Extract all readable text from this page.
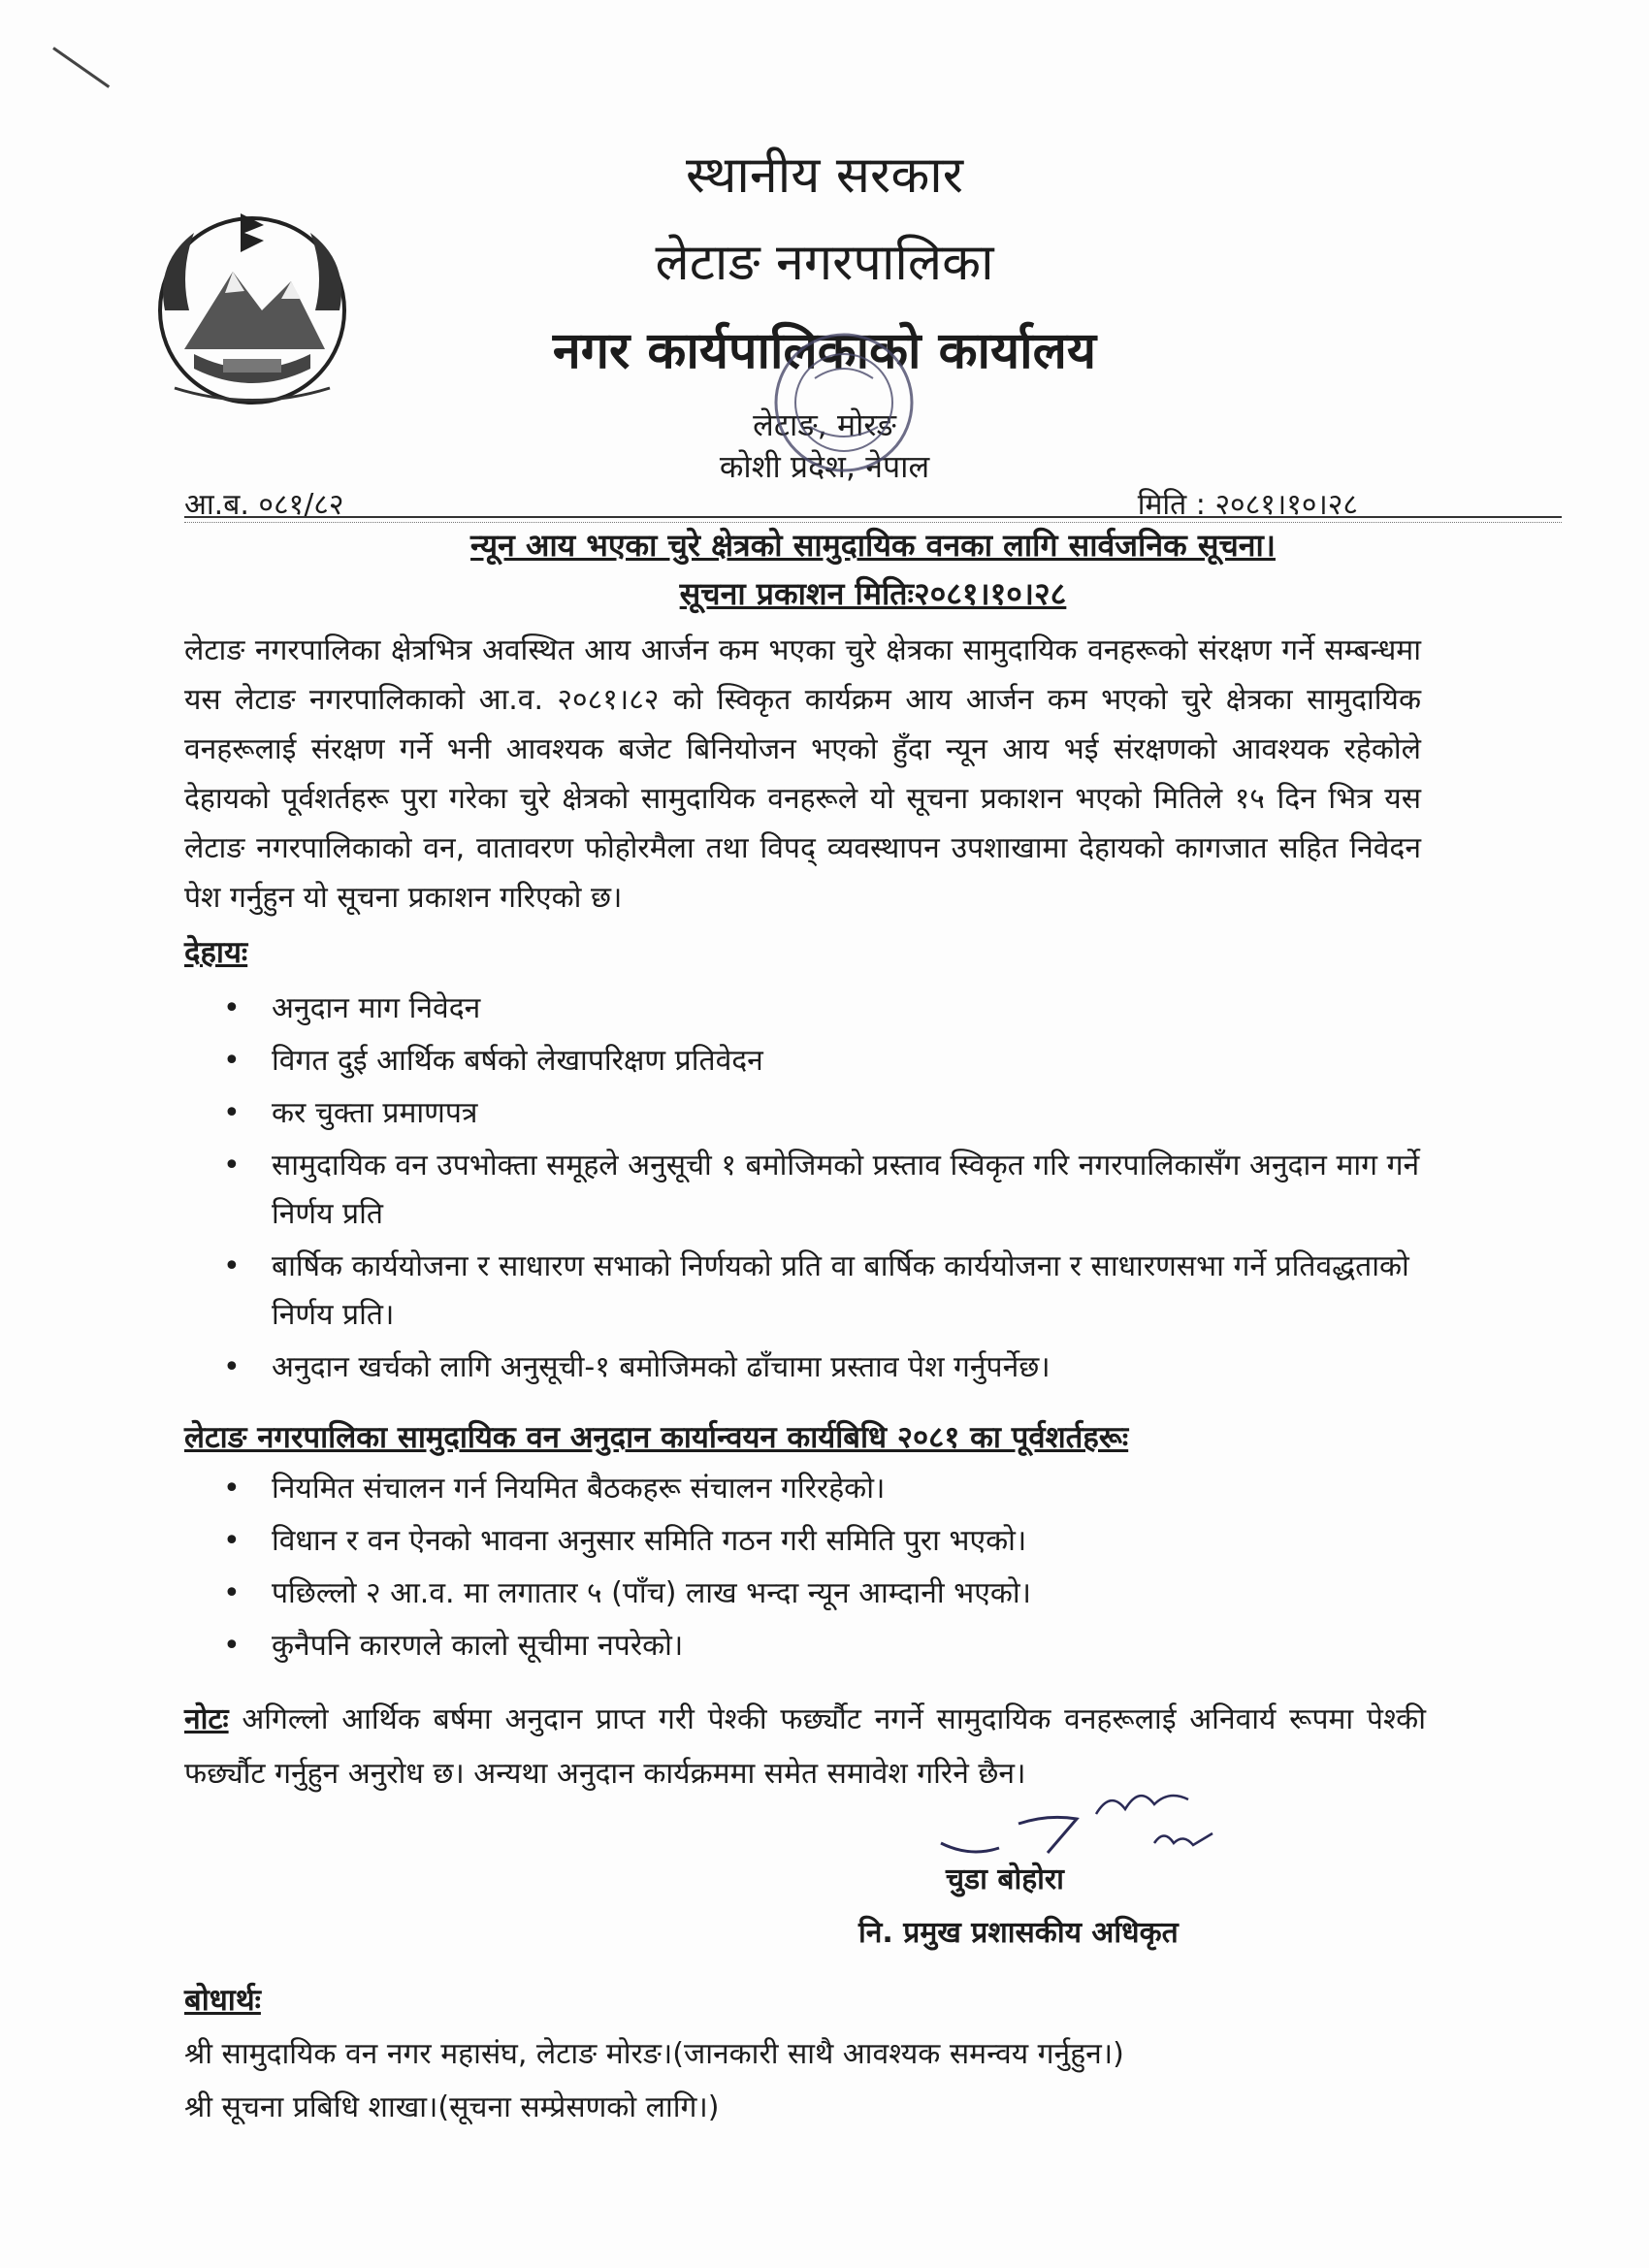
स्थानीय सरकार
लेटाङ नगरपालिका
नगर कार्यपालिकाको कार्यालय
लेटाङ, मोरङ
कोशी प्रदेश, नेपाल
आ.ब. ०८१/८२	मिति : २०८१।१०।२८
न्यून आय भएका चुरे क्षेत्रको सामुदायिक वनका लागि सार्वजनिक सूचना।
सूचना प्रकाशन मितिः२०८१।१०।२८
लेटाङ नगरपालिका क्षेत्रभित्र अवस्थित आय आर्जन कम भएका चुरे क्षेत्रका सामुदायिक वनहरूको संरक्षण गर्ने सम्बन्धमा यस लेटाङ नगरपालिकाको आ.व. २०८१।८२ को स्विकृत कार्यक्रम आय आर्जन कम भएको चुरे क्षेत्रका सामुदायिक वनहरूलाई संरक्षण गर्ने भनी आवश्यक बजेट बिनियोजन भएको हुँदा न्यून आय भई संरक्षणको आवश्यक रहेकोले देहायको पूर्वशर्तहरू पुरा गरेका चुरे क्षेत्रको सामुदायिक वनहरूले यो सूचना प्रकाशन भएको मितिले १५ दिन भित्र यस लेटाङ नगरपालिकाको वन, वातावरण फोहोरमैला तथा विपद् व्यवस्थापन उपशाखामा देहायको कागजात सहित निवेदन पेश गर्नुहुन यो सूचना प्रकाशन गरिएको छ।
देहायः
• अनुदान माग निवेदन
• विगत दुई आर्थिक बर्षको लेखापरिक्षण प्रतिवेदन
• कर चुक्ता प्रमाणपत्र
• सामुदायिक वन उपभोक्ता समूहले अनुसूची १ बमोजिमको प्रस्ताव स्विकृत गरि नगरपालिकासँग अनुदान माग गर्ने निर्णय प्रति
• बार्षिक कार्ययोजना र साधारण सभाको निर्णयको प्रति वा बार्षिक कार्ययोजना र साधारणसभा गर्ने प्रतिवद्धताको निर्णय प्रति।
• अनुदान खर्चको लागि अनुसूची-१ बमोजिमको ढाँचामा प्रस्ताव पेश गर्नुपर्नेछ।
लेटाङ नगरपालिका सामुदायिक वन अनुदान कार्यान्वयन कार्यबिधि २०८१ का पूर्वशर्तहरूः
• नियमित संचालन गर्न नियमित बैठकहरू संचालन गरिरहेको।
• विधान र वन ऐनको भावना अनुसार समिति गठन गरी समिति पुरा भएको।
• पछिल्लो २ आ.व. मा लगातार ५ (पाँच) लाख भन्दा न्यून आम्दानी भएको।
• कुनैपनि कारणले कालो सूचीमा नपरेको।
नोटः अगिल्लो आर्थिक बर्षमा अनुदान प्राप्त गरी पेश्की फर्छ्यौट नगर्ने सामुदायिक वनहरूलाई अनिवार्य रूपमा पेश्की फर्छ्यौट गर्नुहुन अनुरोध छ। अन्यथा अनुदान कार्यक्रममा समेत समावेश गरिने छैन।
चुडा बोहोरा
नि. प्रमुख प्रशासकीय अधिकृत
बोधार्थः
श्री सामुदायिक वन नगर महासंघ, लेटाङ मोरङ।(जानकारी साथै आवश्यक समन्वय गर्नुहुन।)
श्री सूचना प्रबिधि शाखा।(सूचना सम्प्रेसणको लागि।)
